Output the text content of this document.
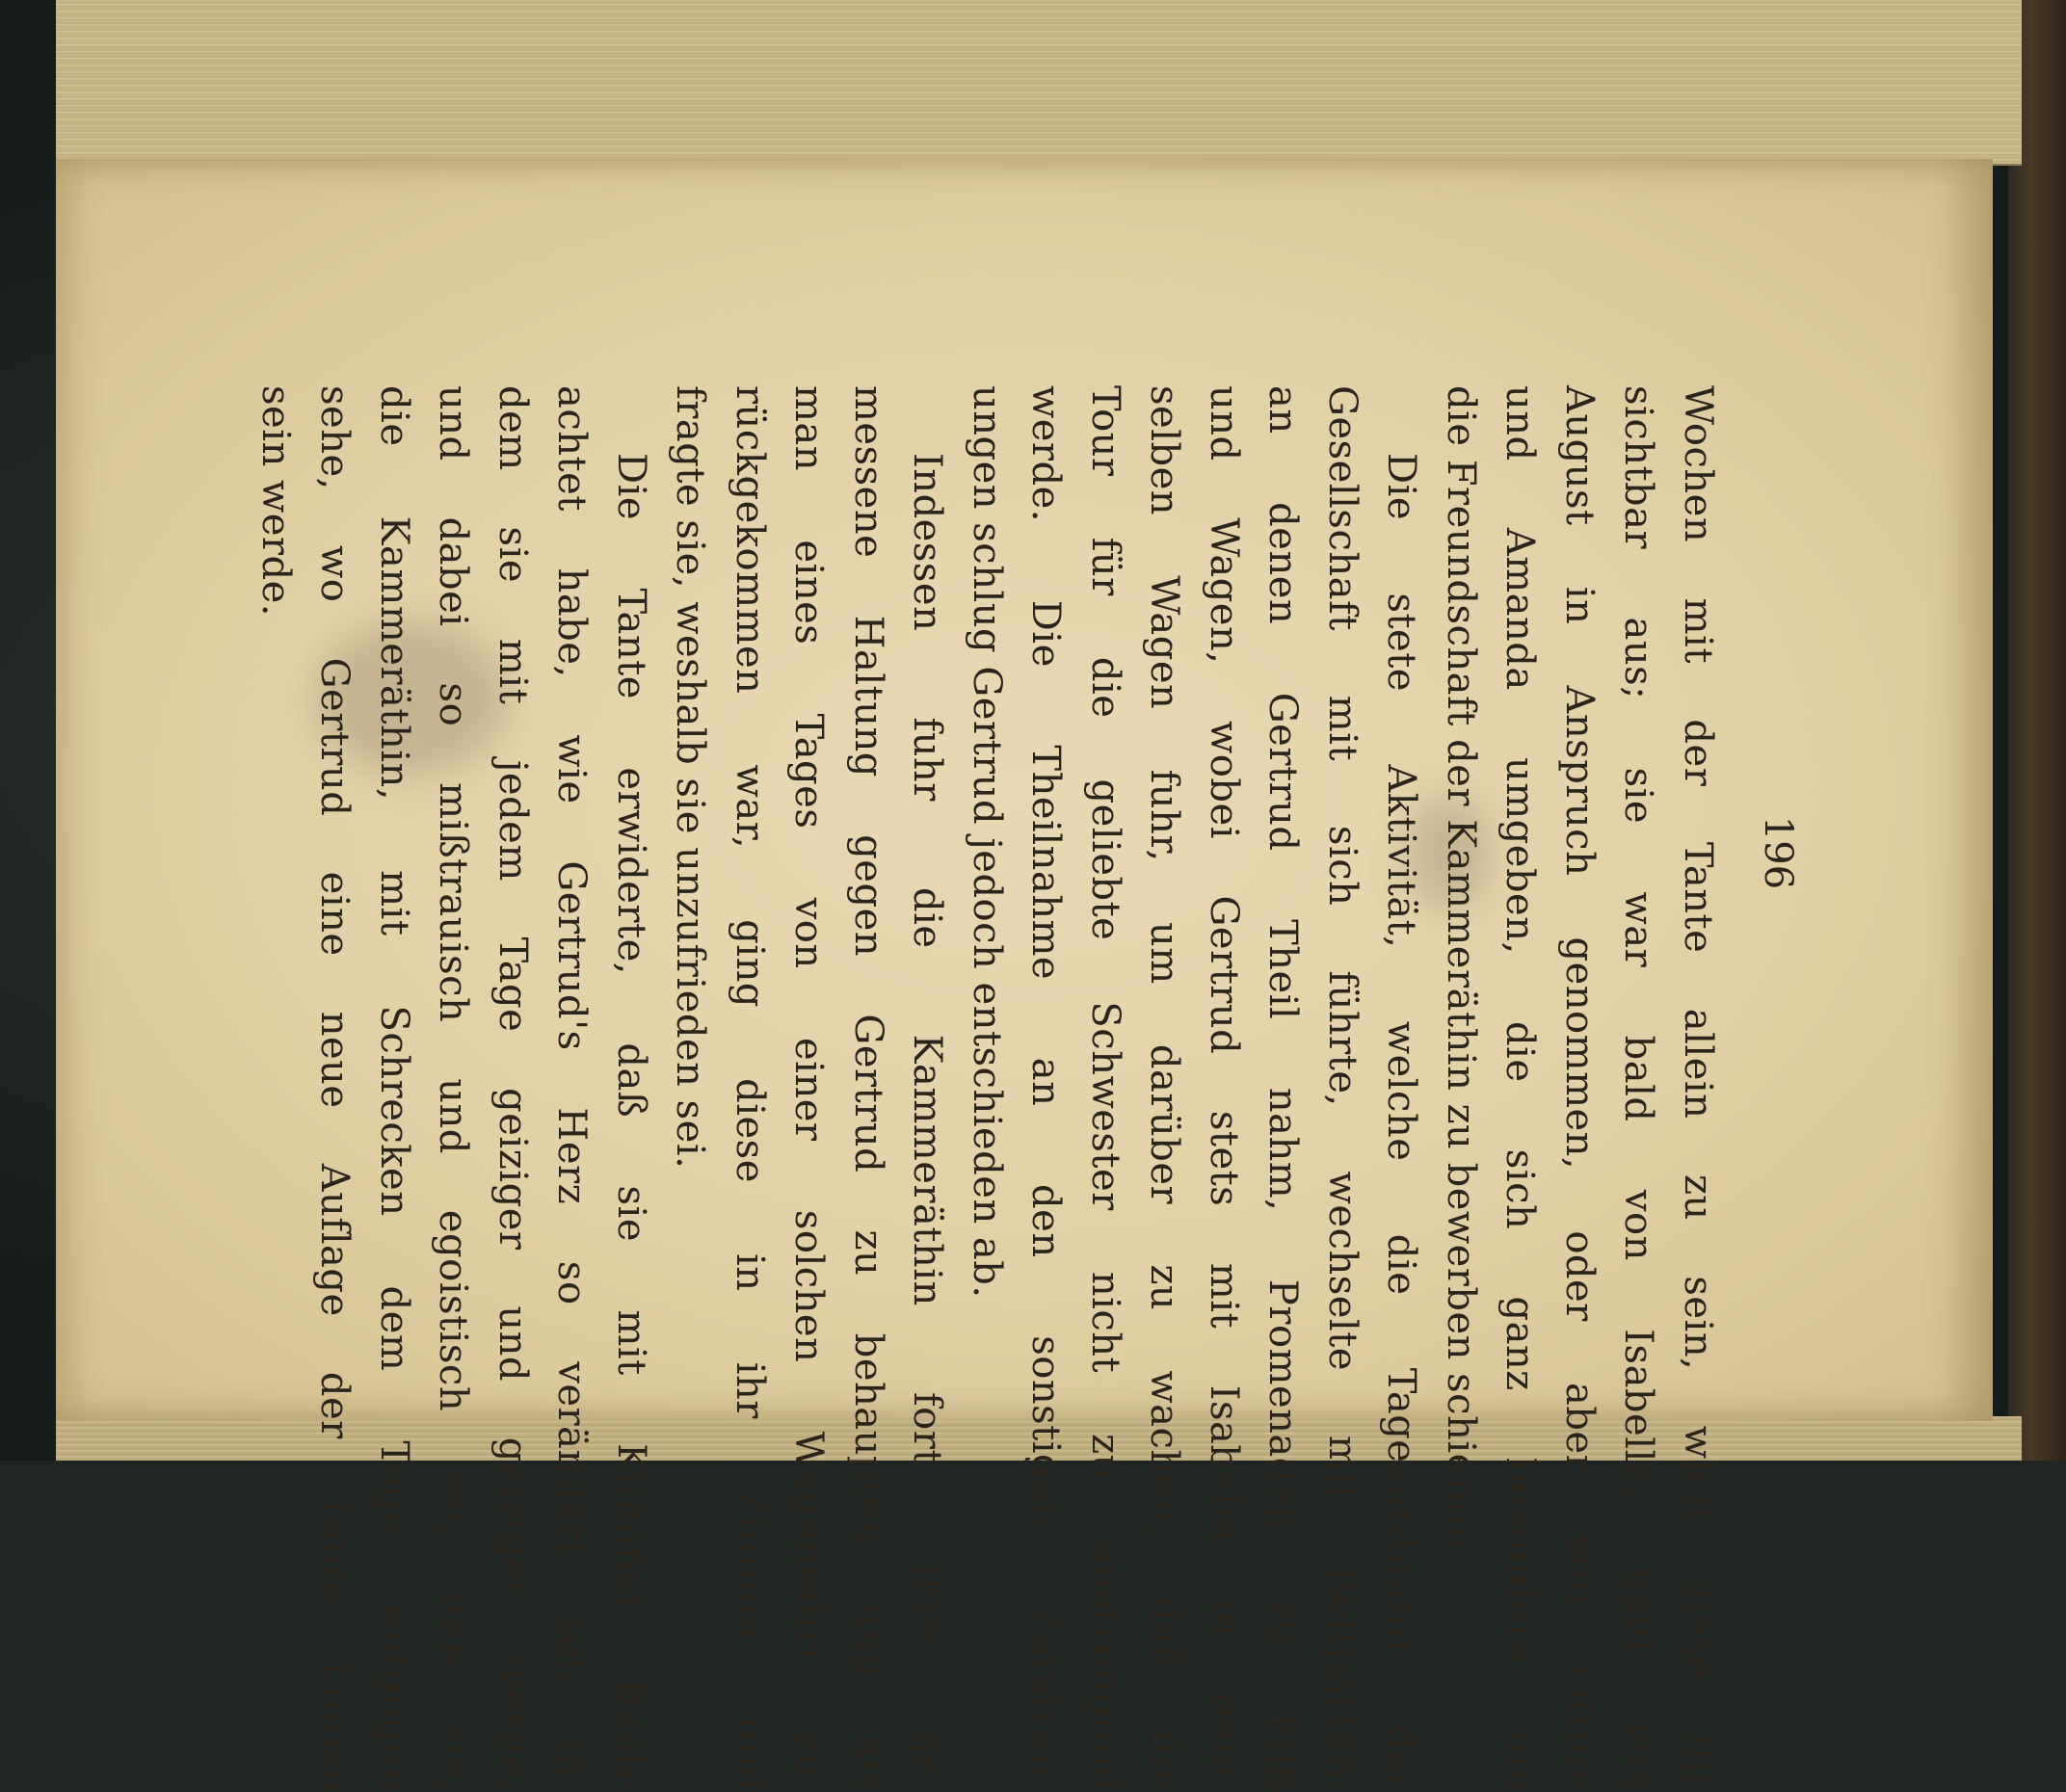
196
Wochen mit der Tante allein zu sein, wich diese ihr
sichtbar aus; sie war bald von Isabella, bald von
August in Anspruch genommen, oder aber von Ottilie
und Amanda umgeben, die sich ganz besonders um
die Freundschaft der Kammeräthin zu bewerben schienen.
Die stete Aktivität, welche die Tagesordnung der
Gesellschaft mit sich führte, wechselte mit Reitparten,
an denen Gertrud Theil nahm, Promenaden zu Fuß
und Wagen, wobei Gertrud stets mit Isabella in dem-
selben Wagen fuhr, um darüber zu wachen, daß die
Tour für die geliebte Schwester nicht zu anstrengend
werde. Die Theilnahme an den sonstigen Zerstreu-
ungen schlug Gertrud jedoch entschieden ab.
Indessen fuhr die Kammeräthin fort, ihre ge-
messene Haltung gegen Gertrud zu behaupten und als
man eines Tages von einer solchen Wagenfahrt zu-
rückgekommen war, ging diese in ihr Zimmer und
fragte sie, weshalb sie unzufrieden sei.
Die Tante erwiderte, daß sie mit Kummer beob-
achtet habe, wie Gertrud's Herz so verändert sei, in-
dem sie mit jedem Tage geiziger und geiziger werde,
und dabei so mißtrauisch und egoistisch sei, daß sie,
die Kammeräthin, mit Schrecken dem Tage entgegen
sehe, wo Gertrud eine neue Auflage der Tante Louise
sein werde.
